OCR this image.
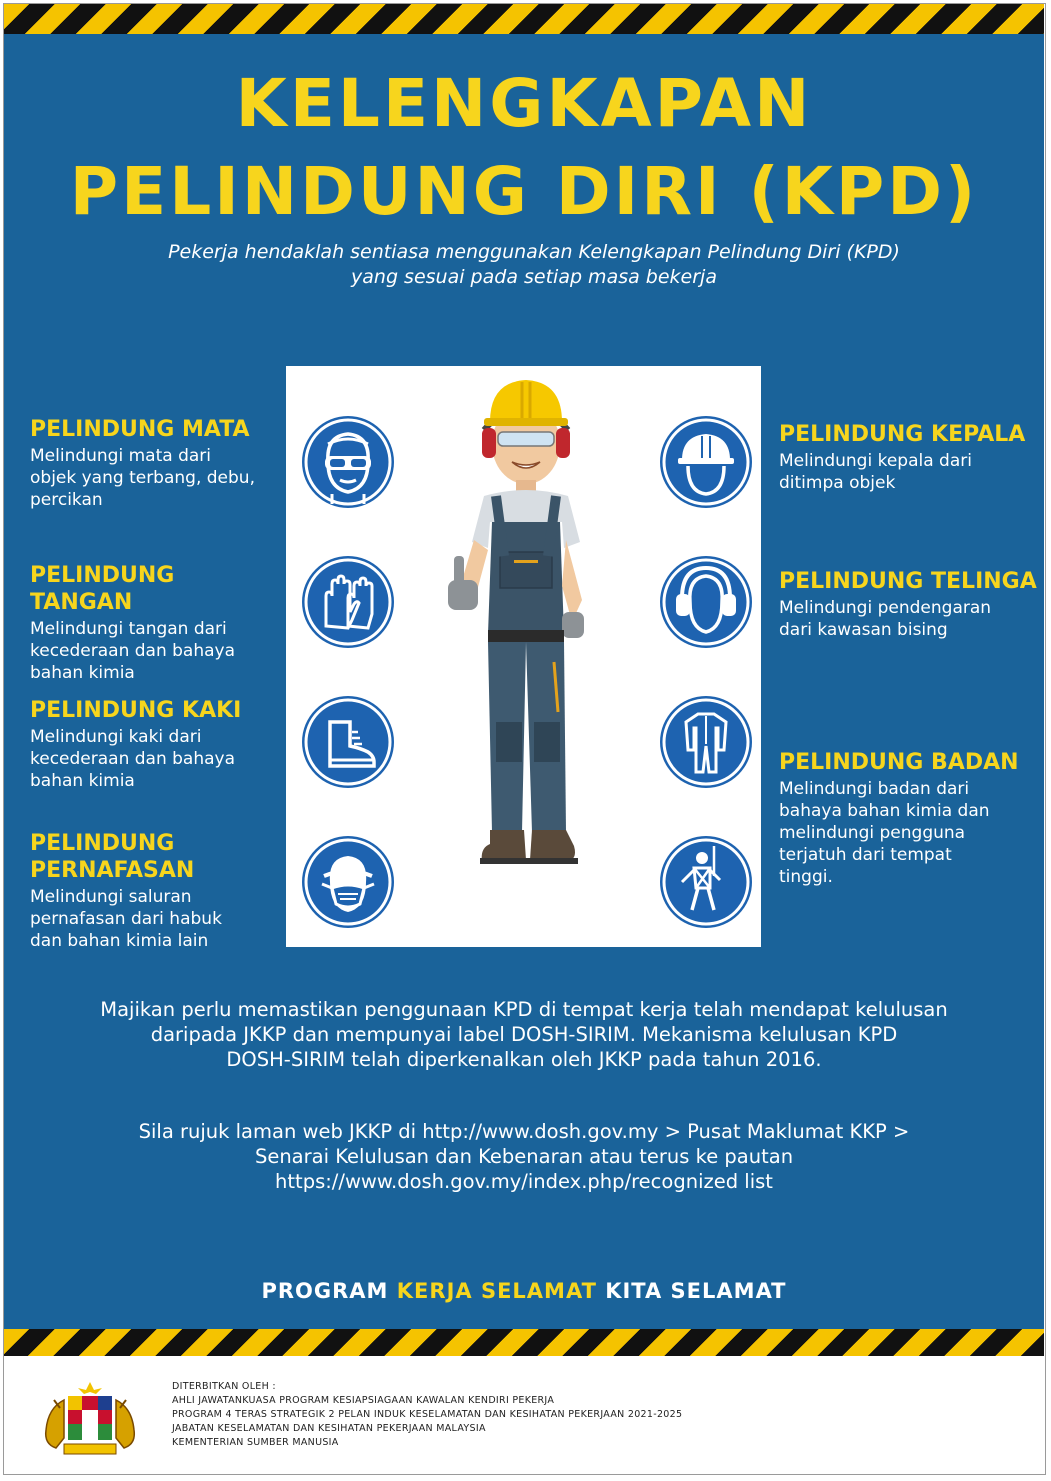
KELENGKAPAN
PELINDUNG DIRI (KPD)
Pekerja hendaklah sentiasa menggunakan Kelengkapan Pelindung Diri (KPD)
yang sesuai pada setiap masa bekerja
PELINDUNG MATA

Melindungi mata dari
objek yang terbang, debu,
percikan

PELINDUNG TANGAN

Melindungi tangan dari
kecederaan dan bahaya
bahan kimia

PELINDUNG KAKI

Melindungi kaki dari
kecederaan dan bahaya
bahan kimia

PELINDUNG
PERNAFASAN

Melindungi saluran
pernafasan dari habuk
dan bahan kimia lain

PELINDUNG KEPALA

Melindungi kepala dari
ditimpa objek

PELINDUNG TELINGA

Melindungi pendengaran
dari kawasan bising

PELINDUNG BADAN

Melindungi badan dari
bahaya bahan kimia dan
melindungi pengguna
terjatuh dari tempat
tinggi.

Majikan perlu memastikan penggunaan KPD di tempat kerja telah mendapat kelulusan
daripada JKKP dan mempunyai label DOSH-SIRIM. Mekanisma kelulusan KPD
DOSH-SIRIM telah diperkenalkan oleh JKKP pada tahun 2016.
Sila rujuk laman web JKKP di http://www.dosh.gov.my > Pusat Maklumat KKP >
Senarai Kelulusan dan Kebenaran atau terus ke pautan
https://www.dosh.gov.my/index.php/recognized list
PROGRAM KERJA SELAMAT KITA SELAMAT
DITERBITKAN OLEH :
AHLI JAWATANKUASA PROGRAM KESIAPSIAGAAN KAWALAN KENDIRI PEKERJA
PROGRAM 4 TERAS STRATEGIK 2 PELAN INDUK KESELAMATAN DAN KESIHATAN PEKERJAAN 2021-2025
JABATAN KESELAMATAN DAN KESIHATAN PEKERJAAN MALAYSIA
KEMENTERIAN SUMBER MANUSIA
